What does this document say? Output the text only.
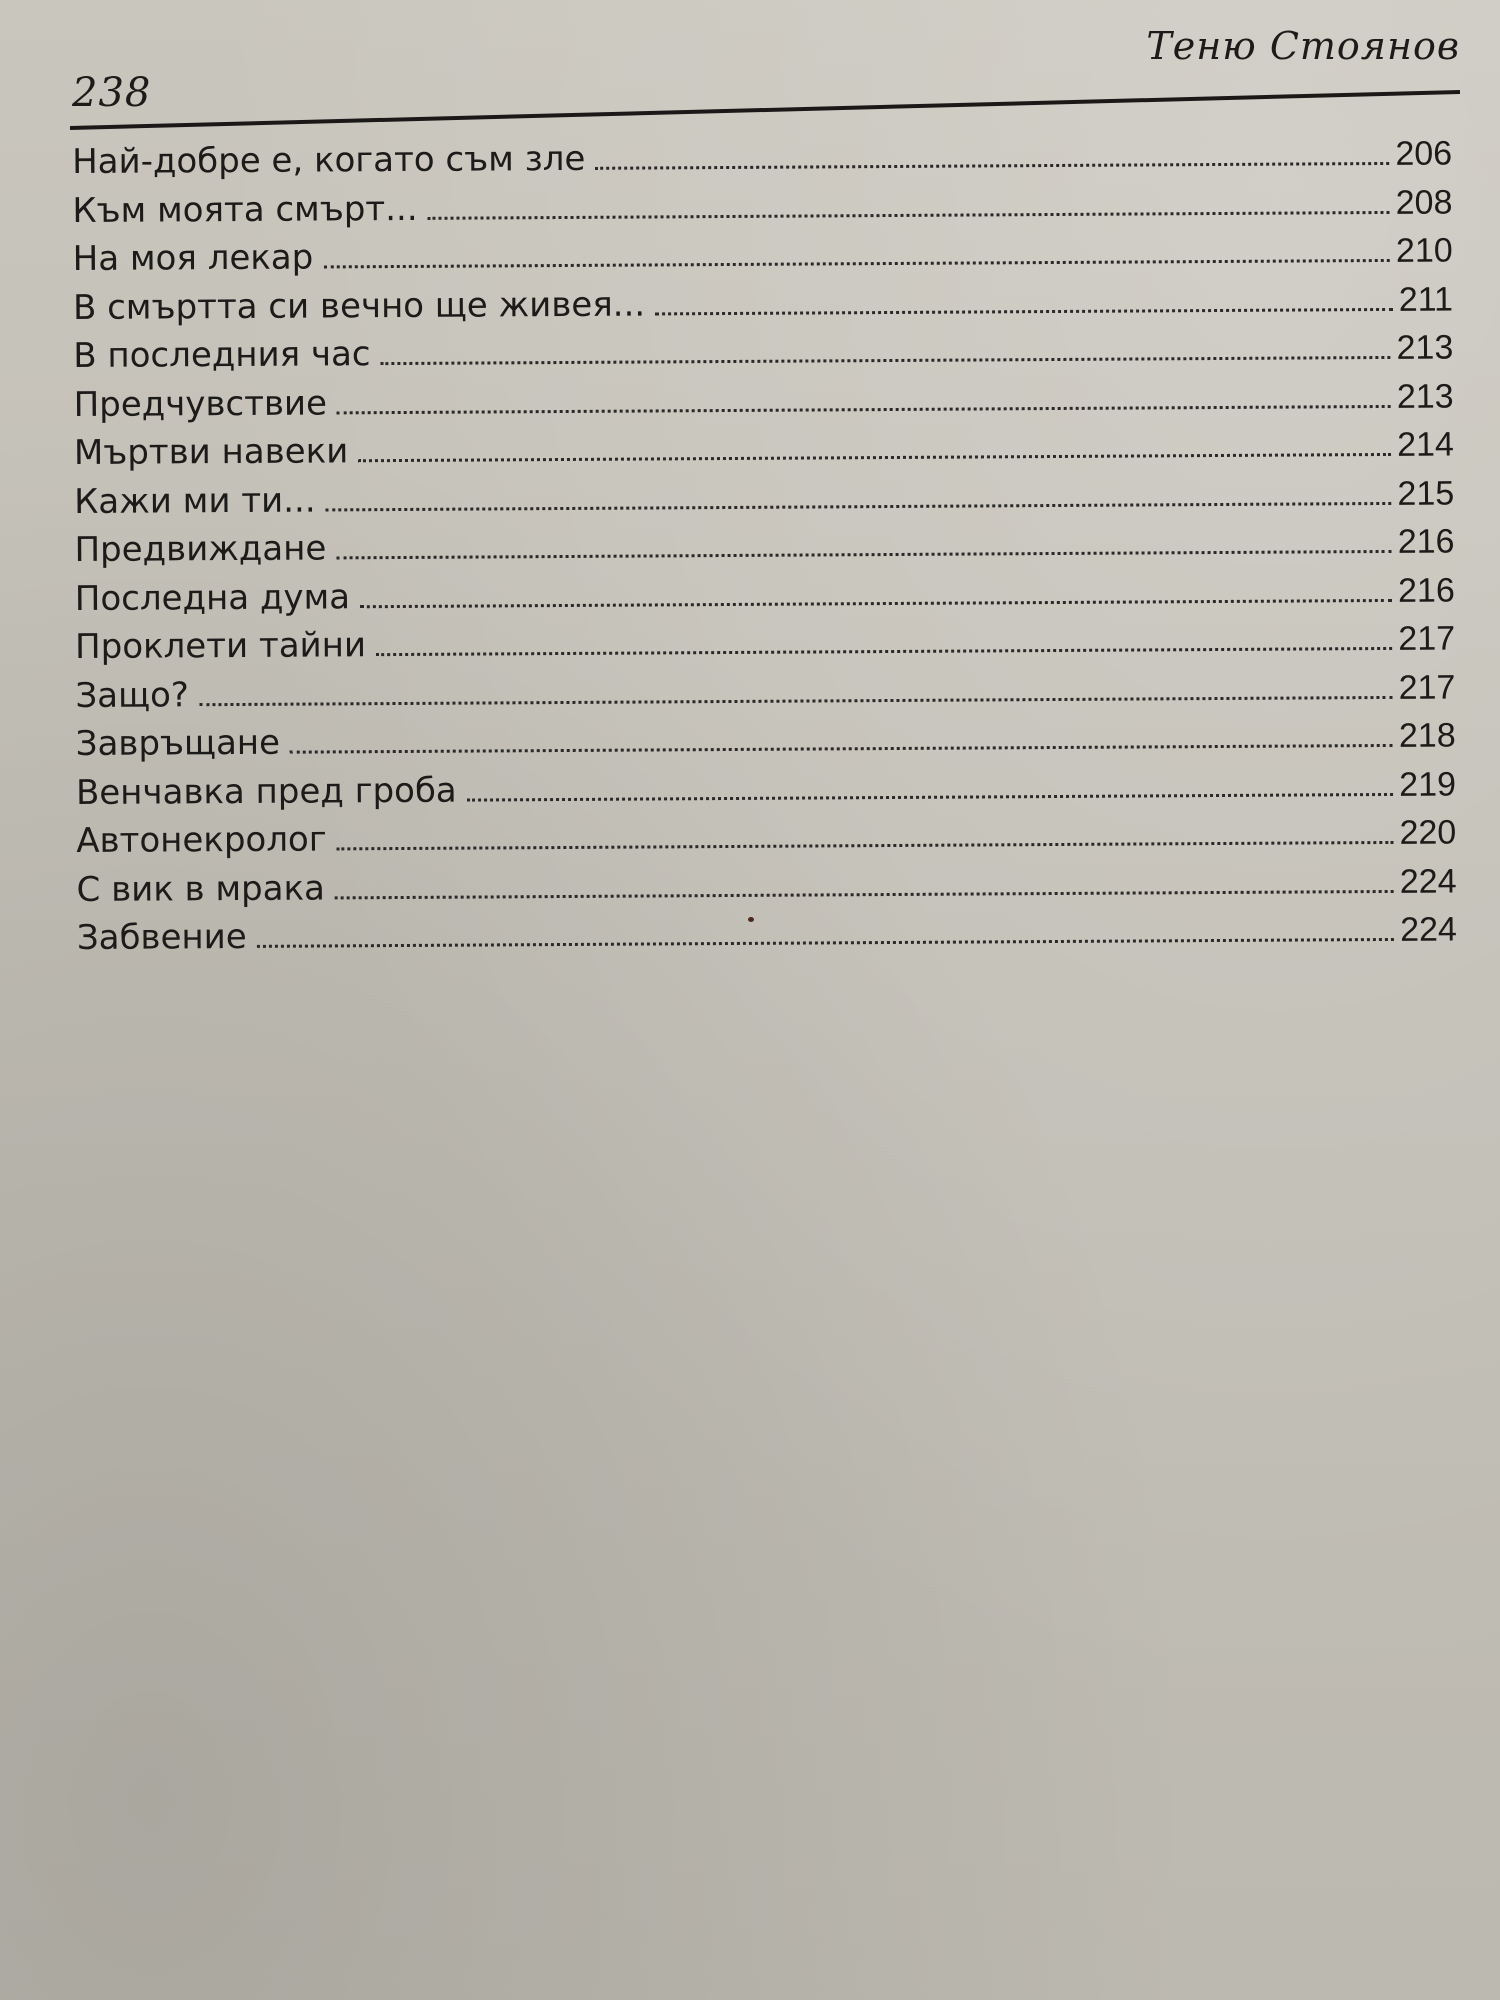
238
Теню Стоянов
Най-добре е, когато съм зле	206
Към моята смърт...	208
На моя лекар	210
В смъртта си вечно ще живея...	211
В последния час	213
Предчувствие	213
Мъртви навеки	214
Кажи ми ти...	215
Предвиждане	216
Последна дума	216
Проклети тайни	217
Защо?	217
Завръщане	218
Венчавка пред гроба	219
Автонекролог	220
С вик в мрака	224
Забвение	224
